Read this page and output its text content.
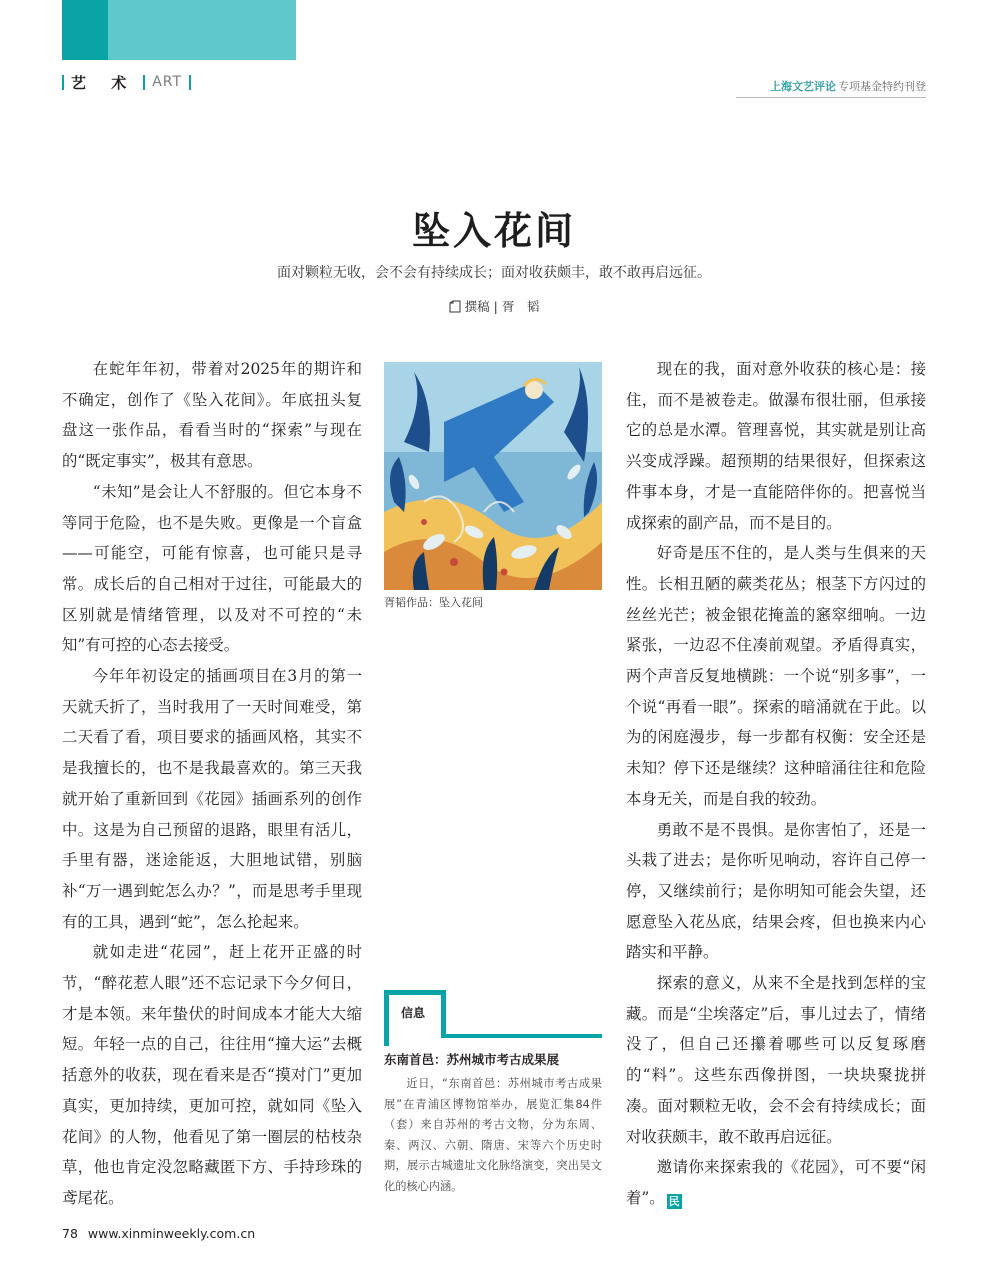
艺 术 ART	上海文艺评论 专项基金特约刊登
坠入花间
面对颗粒无收，会不会有持续成长；面对收获颇丰，敢不敢再启远征。
撰稿 | 胥　韬

在蛇年年初，带着对2025年的期许和不确定，创作了《坠入花间》。年底扭头复盘这一张作品，看看当时的“探索”与现在的“既定事实”，极其有意思。

“未知”是会让人不舒服的。但它本身不等同于危险，也不是失败。更像是一个盲盒——可能空，可能有惊喜，也可能只是寻常。成长后的自己相对于过往，可能最大的区别就是情绪管理，以及对不可控的“未知”有可控的心态去接受。

今年年初设定的插画项目在3月的第一天就夭折了，当时我用了一天时间难受，第二天看了看，项目要求的插画风格，其实不是我擅长的，也不是我最喜欢的。第三天我就开始了重新回到《花园》插画系列的创作中。这是为自己预留的退路，眼里有活儿，手里有器，迷途能返，大胆地试错，别脑补“万一遇到蛇怎么办？”，而是思考手里现有的工具，遇到“蛇”，怎么抡起来。

就如走进“花园”，赶上花开正盛的时节，“醉花惹人眼”还不忘记录下今夕何日，才是本领。来年蛰伏的时间成本才能大大缩短。年轻一点的自己，往往用“撞大运”去概括意外的收获，现在看来是否“摸对门”更加真实，更加持续，更加可控，就如同《坠入花间》的人物，他看见了第一圈层的枯枝杂草，他也肯定没忽略藏匿下方、手持珍珠的鸢尾花。

胥韬作品：坠入花间
信息
东南首邑：苏州城市考古成果展
近日，“东南首邑：苏州城市考古成果展”在青浦区博物馆举办，展览汇集84件（套）来自苏州的考古文物，分为东周、秦、两汉、六朝、隋唐、宋等六个历史时期，展示古城遗址文化脉络演变，突出吴文化的核心内涵。

现在的我，面对意外收获的核心是：接住，而不是被卷走。做瀑布很壮丽，但承接它的总是水潭。管理喜悦，其实就是别让高兴变成浮躁。超预期的结果很好，但探索这件事本身，才是一直能陪伴你的。把喜悦当成探索的副产品，而不是目的。

好奇是压不住的，是人类与生俱来的天性。长相丑陋的蕨类花丛；根茎下方闪过的丝丝光芒；被金银花掩盖的窸窣细响。一边紧张，一边忍不住凑前观望。矛盾得真实，两个声音反复地横跳：一个说“别多事”，一个说“再看一眼”。探索的暗涌就在于此。以为的闲庭漫步，每一步都有权衡：安全还是未知？停下还是继续？这种暗涌往往和危险本身无关，而是自我的较劲。

勇敢不是不畏惧。是你害怕了，还是一头栽了进去；是你听见响动，容许自己停一停，又继续前行；是你明知可能会失望，还愿意坠入花丛底，结果会疼，但也换来内心踏实和平静。

探索的意义，从来不全是找到怎样的宝藏。而是“尘埃落定”后，事儿过去了，情绪没了，但自己还攥着哪些可以反复琢磨的“料”。这些东西像拼图，一块块聚拢拼凑。面对颗粒无收，会不会有持续成长；面对收获颇丰，敢不敢再启远征。

邀请你来探索我的《花园》，可不要“闲着”。 民

78 www.xinminweekly.com.cn
